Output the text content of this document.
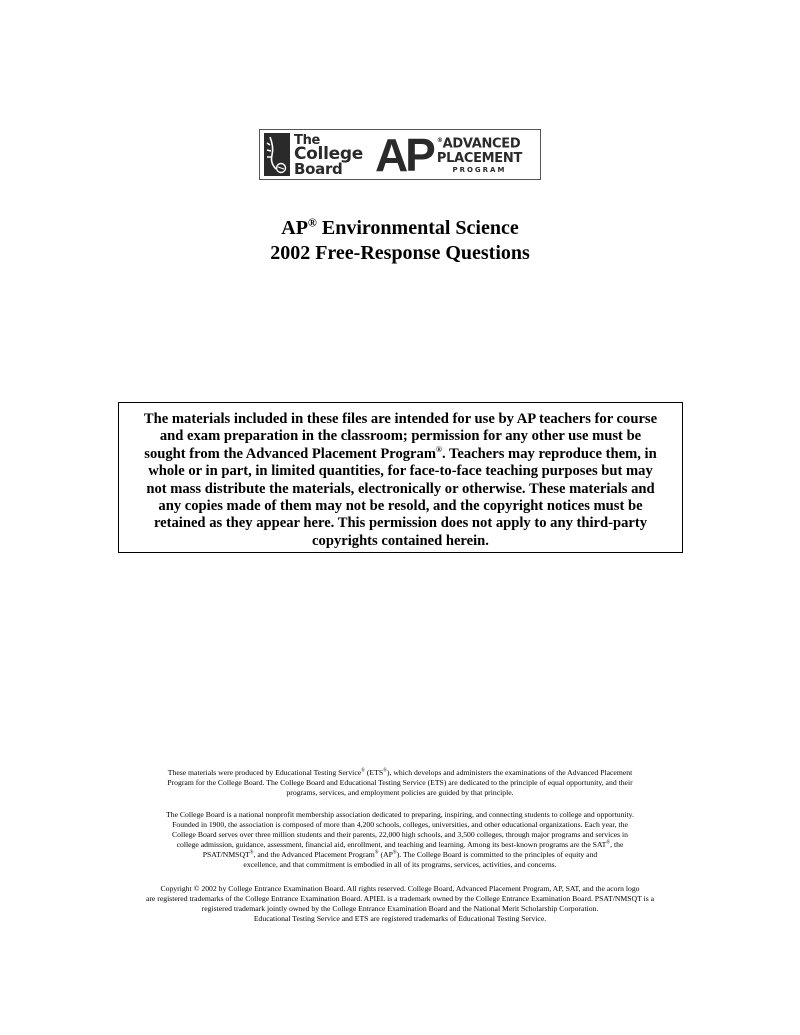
The
College
Board AP ®ADVANCED
PLACEMENT
PROGRAM
AP® Environmental Science
2002 Free-Response Questions
The materials included in these files are intended for use by AP teachers for course and exam preparation in the classroom; permission for any other use must be sought from the Advanced Placement Program®. Teachers may reproduce them, in whole or in part, in limited quantities, for face-to-face teaching purposes but may not mass distribute the materials, electronically or otherwise. These materials and any copies made of them may not be resold, and the copyright notices must be retained as they appear here. This permission does not apply to any third-party copyrights contained herein.
These materials were produced by Educational Testing Service® (ETS®), which develops and administers the examinations of the Advanced Placement
Program for the College Board. The College Board and Educational Testing Service (ETS) are dedicated to the principle of equal opportunity, and their
programs, services, and employment policies are guided by that principle.
The College Board is a national nonprofit membership association dedicated to preparing, inspiring, and connecting students to college and opportunity.
Founded in 1900, the association is composed of more than 4,200 schools, colleges, universities, and other educational organizations. Each year, the
College Board serves over three million students and their parents, 22,000 high schools, and 3,500 colleges, through major programs and services in
college admission, guidance, assessment, financial aid, enrollment, and teaching and learning. Among its best-known programs are the SAT®, the
PSAT/NMSQT®, and the Advanced Placement Program® (AP®). The College Board is committed to the principles of equity and
excellence, and that commitment is embodied in all of its programs, services, activities, and concerns.
Copyright © 2002 by College Entrance Examination Board. All rights reserved. College Board, Advanced Placement Program, AP, SAT, and the acorn logo
are registered trademarks of the College Entrance Examination Board. APIEL is a trademark owned by the College Entrance Examination Board. PSAT/NMSQT is a
registered trademark jointly owned by the College Entrance Examination Board and the National Merit Scholarship Corporation.
Educational Testing Service and ETS are registered trademarks of Educational Testing Service.
